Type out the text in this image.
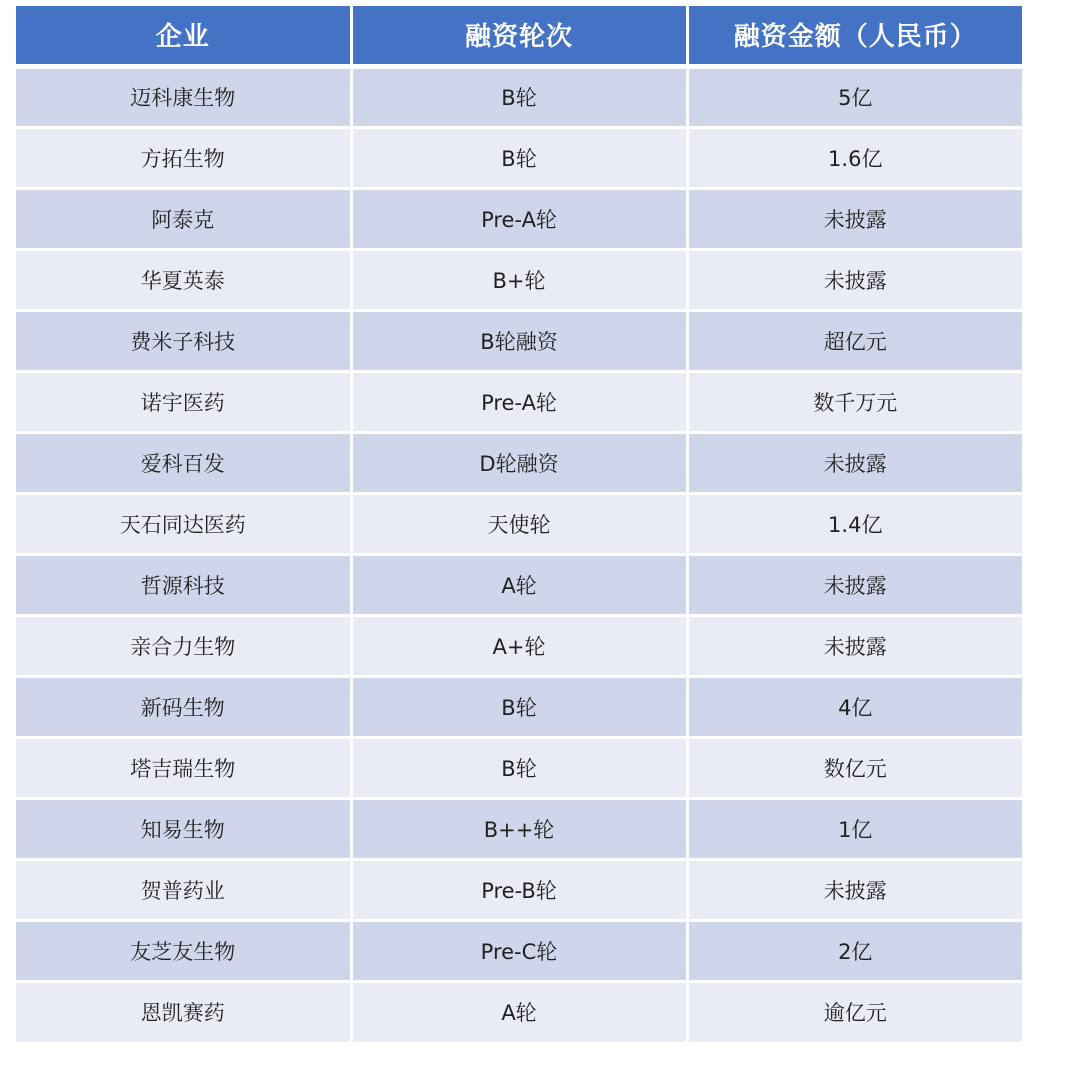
企业	融资轮次	融资金额（人民币）
迈科康生物	B轮	5亿
方拓生物	B轮	1.6亿
阿泰克	Pre-A轮	未披露
华夏英泰	B+轮	未披露
费米子科技	B轮融资	超亿元
诺宇医药	Pre-A轮	数千万元
爱科百发	D轮融资	未披露
天石同达医药	天使轮	1.4亿
哲源科技	A轮	未披露
亲合力生物	A+轮	未披露
新码生物	B轮	4亿
塔吉瑞生物	B轮	数亿元
知易生物	B++轮	1亿
贺普药业	Pre-B轮	未披露
友芝友生物	Pre-C轮	2亿
恩凯赛药	A轮	逾亿元
